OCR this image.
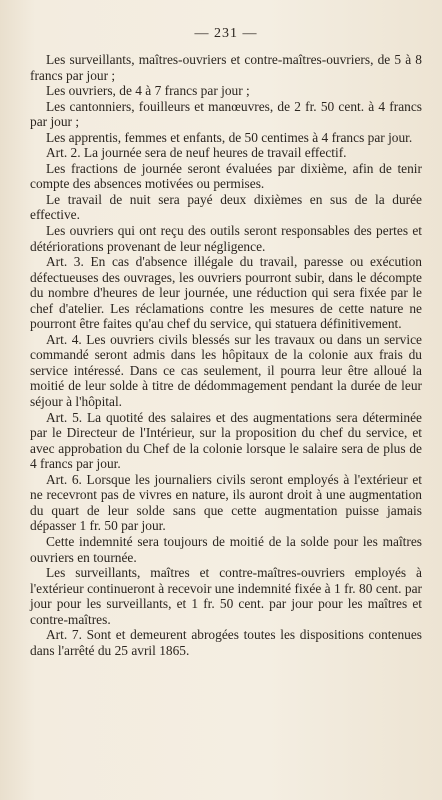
— 231 —

Les surveillants, maîtres-ouvriers et contre-maîtres-ouvriers, de 5 à 8 francs par jour ;

Les ouvriers, de 4 à 7 francs par jour ;

Les cantonniers, fouilleurs et manœuvres, de 2 fr. 50 cent. à 4 francs par jour ;

Les apprentis, femmes et enfants, de 50 centimes à 4 francs par jour.

Art. 2. La journée sera de neuf heures de travail effectif.

Les fractions de journée seront évaluées par dixième, afin de tenir compte des absences motivées ou permises.

Le travail de nuit sera payé deux dixièmes en sus de la durée effective.

Les ouvriers qui ont reçu des outils seront responsables des pertes et détériorations provenant de leur négligence.

Art. 3. En cas d'absence illégale du travail, paresse ou exécution défectueuses des ouvrages, les ouvriers pourront subir, dans le décompte du nombre d'heures de leur journée, une réduction qui sera fixée par le chef d'atelier. Les réclamations contre les mesures de cette nature ne pourront être faites qu'au chef du service, qui statuera définitivement.

Art. 4. Les ouvriers civils blessés sur les travaux ou dans un service commandé seront admis dans les hôpitaux de la colonie aux frais du service intéressé. Dans ce cas seulement, il pourra leur être alloué la moitié de leur solde à titre de dédommagement pendant la durée de leur séjour à l'hôpital.

Art. 5. La quotité des salaires et des augmentations sera déterminée par le Directeur de l'Intérieur, sur la proposition du chef du service, et avec approbation du Chef de la colonie lorsque le salaire sera de plus de 4 francs par jour.

Art. 6. Lorsque les journaliers civils seront employés à l'extérieur et ne recevront pas de vivres en nature, ils auront droit à une augmentation du quart de leur solde sans que cette augmentation puisse jamais dépasser 1 fr. 50 par jour.

Cette indemnité sera toujours de moitié de la solde pour les maîtres ouvriers en tournée.

Les surveillants, maîtres et contre-maîtres-ouvriers employés à l'extérieur continueront à recevoir une indemnité fixée à 1 fr. 80 cent. par jour pour les surveillants, et 1 fr. 50 cent. par jour pour les maîtres et contre-maîtres.

Art. 7. Sont et demeurent abrogées toutes les dispositions contenues dans l'arrêté du 25 avril 1865.
